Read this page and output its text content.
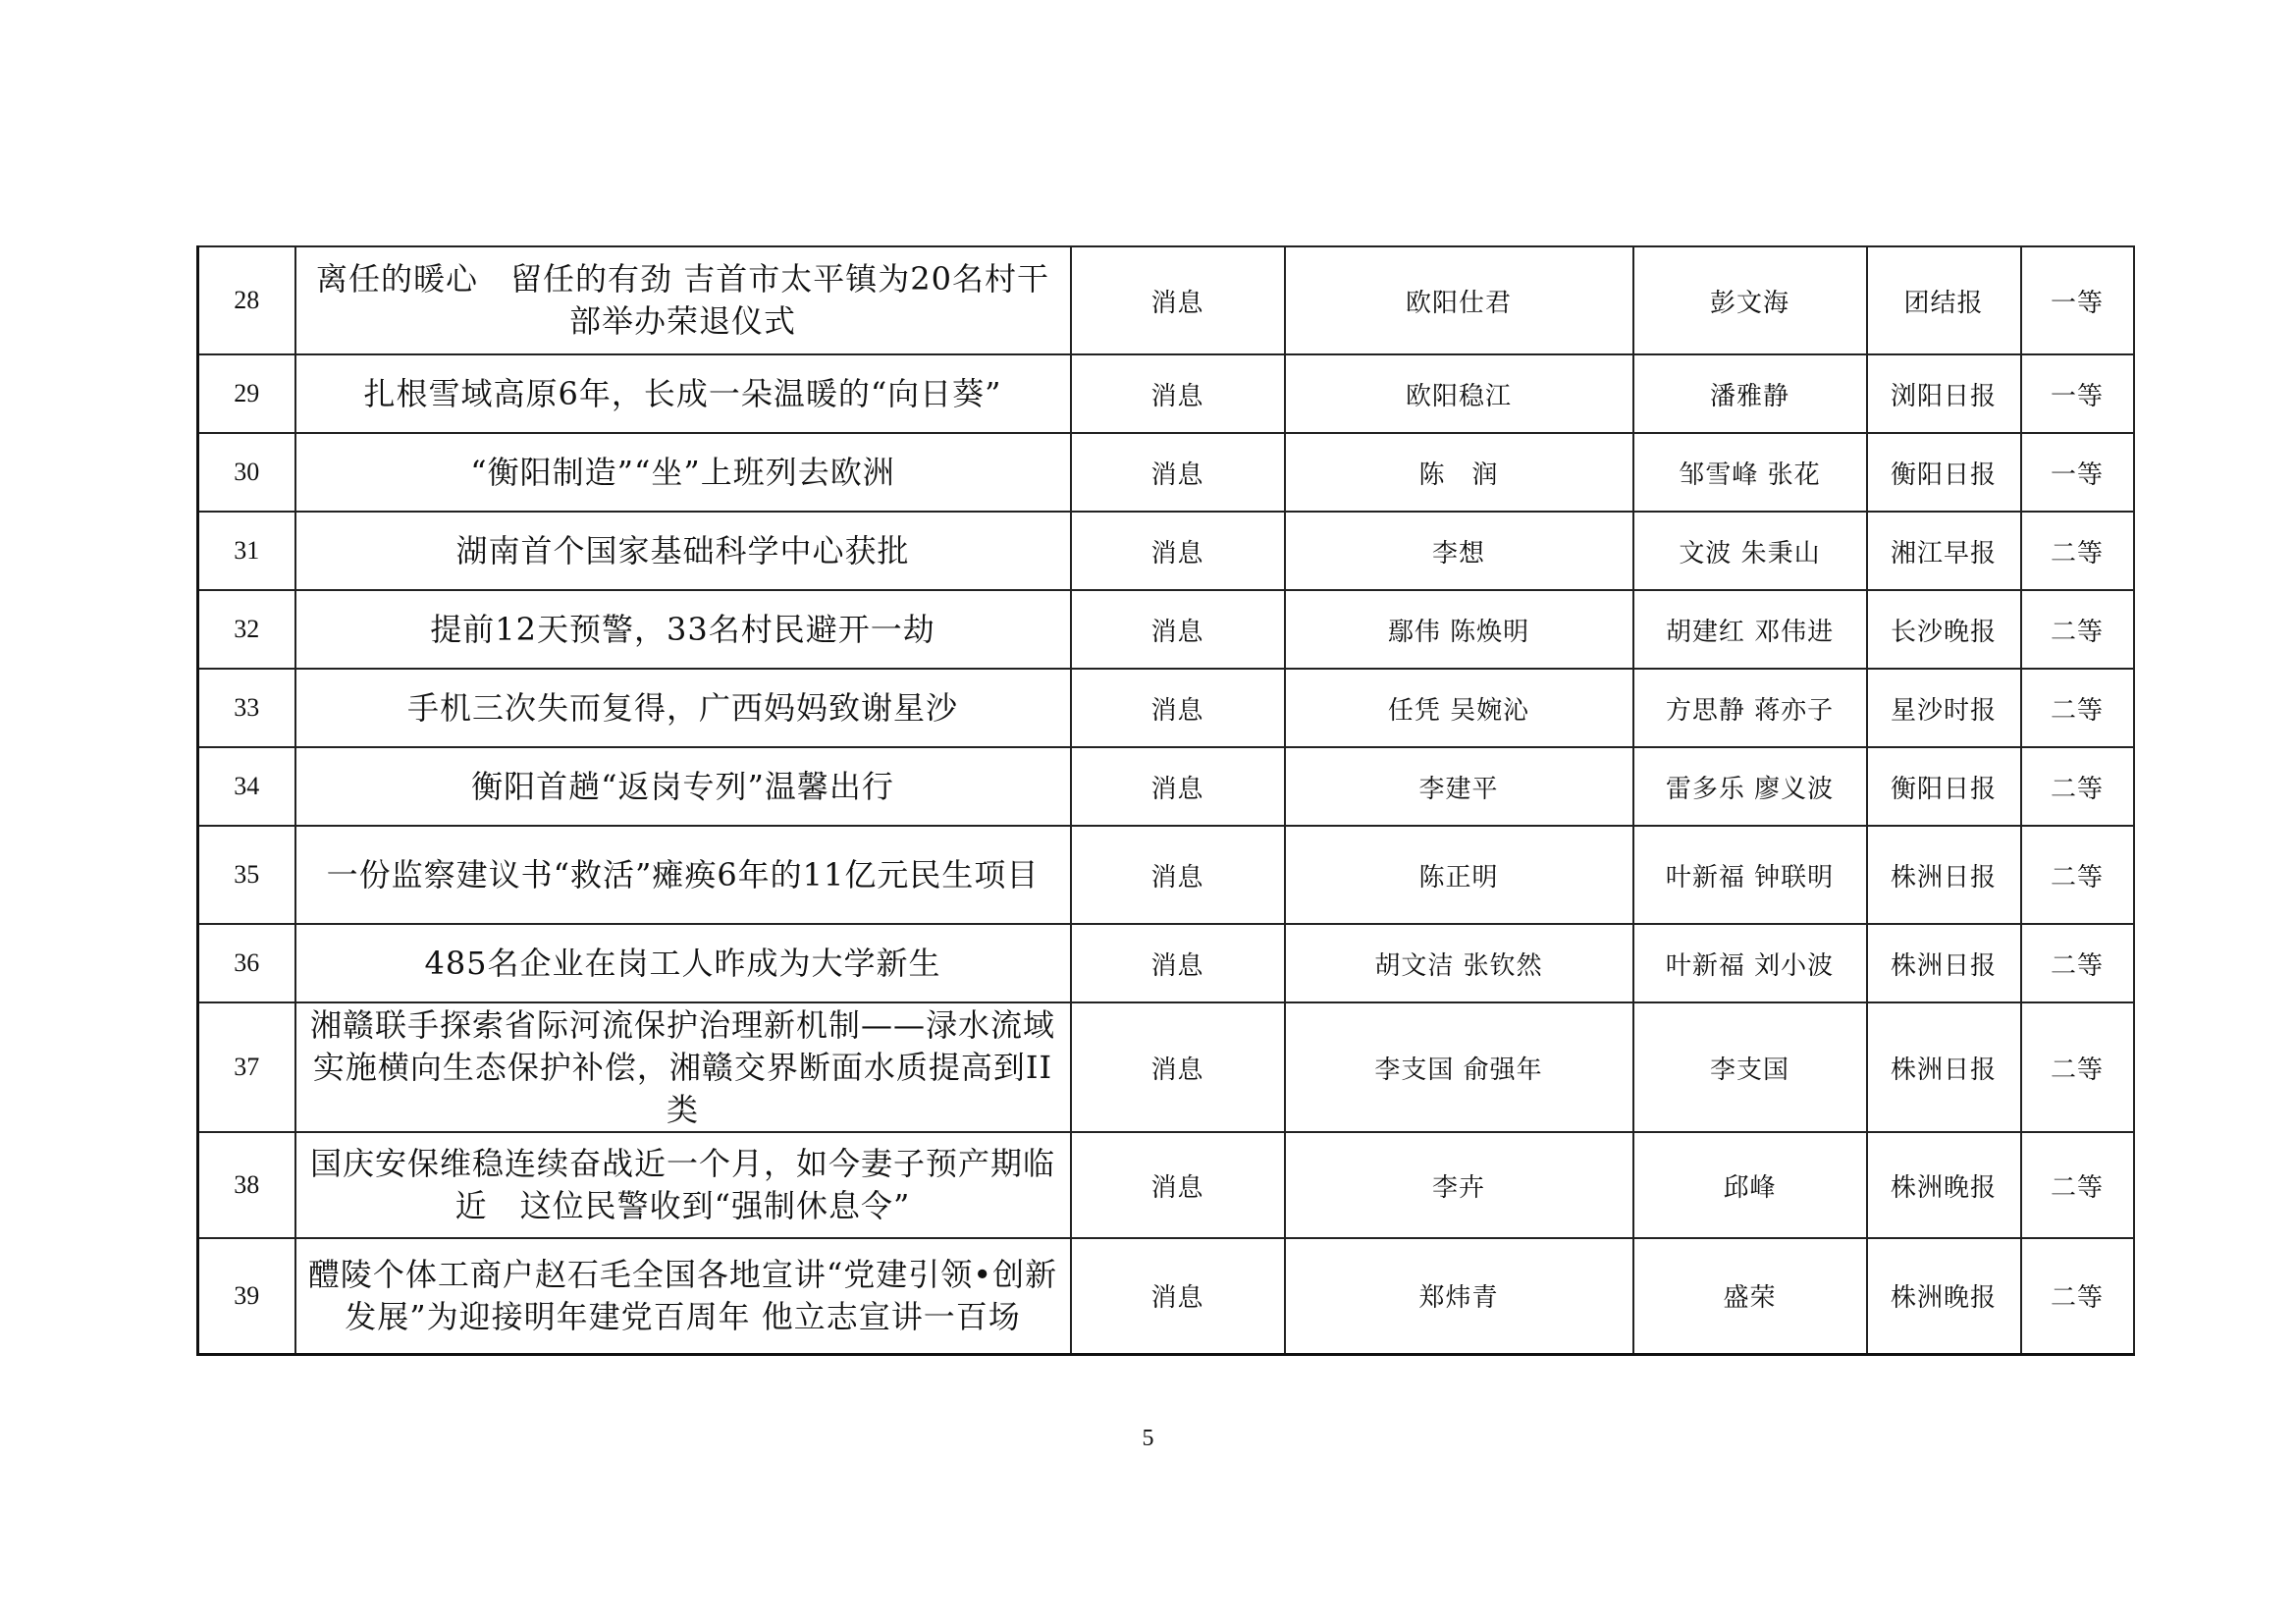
28	离任的暖心　留任的有劲 吉首市太平镇为20名村干部举办荣退仪式	消息	欧阳仕君	彭文海	团结报	一等
29	扎根雪域高原6年，长成一朵温暖的“向日葵”	消息	欧阳稳江	潘雅静	浏阳日报	一等
30	“衡阳制造”“坐”上班列去欧洲	消息	陈　润	邹雪峰 张花	衡阳日报	一等
31	湖南首个国家基础科学中心获批	消息	李想	文波 朱秉山	湘江早报	二等
32	提前12天预警，33名村民避开一劫	消息	鄢伟 陈焕明	胡建红 邓伟进	长沙晚报	二等
33	手机三次失而复得，广西妈妈致谢星沙	消息	任凭 吴婉沁	方思静 蒋亦子	星沙时报	二等
34	衡阳首趟“返岗专列”温馨出行	消息	李建平	雷多乐 廖义波	衡阳日报	二等
35	一份监察建议书“救活”瘫痪6年的11亿元民生项目	消息	陈正明	叶新福 钟联明	株洲日报	二等
36	485名企业在岗工人昨成为大学新生	消息	胡文洁 张钦然	叶新福 刘小波	株洲日报	二等
37	湘赣联手探索省际河流保护治理新机制——渌水流域实施横向生态保护补偿，湘赣交界断面水质提高到II类	消息	李支国 俞强年	李支国	株洲日报	二等
38	国庆安保维稳连续奋战近一个月，如今妻子预产期临近　这位民警收到“强制休息令”	消息	李卉	邱峰	株洲晚报	二等
39	醴陵个体工商户赵石毛全国各地宣讲“党建引领•创新发展”为迎接明年建党百周年 他立志宣讲一百场	消息	郑炜青	盛荣	株洲晚报	二等
5
